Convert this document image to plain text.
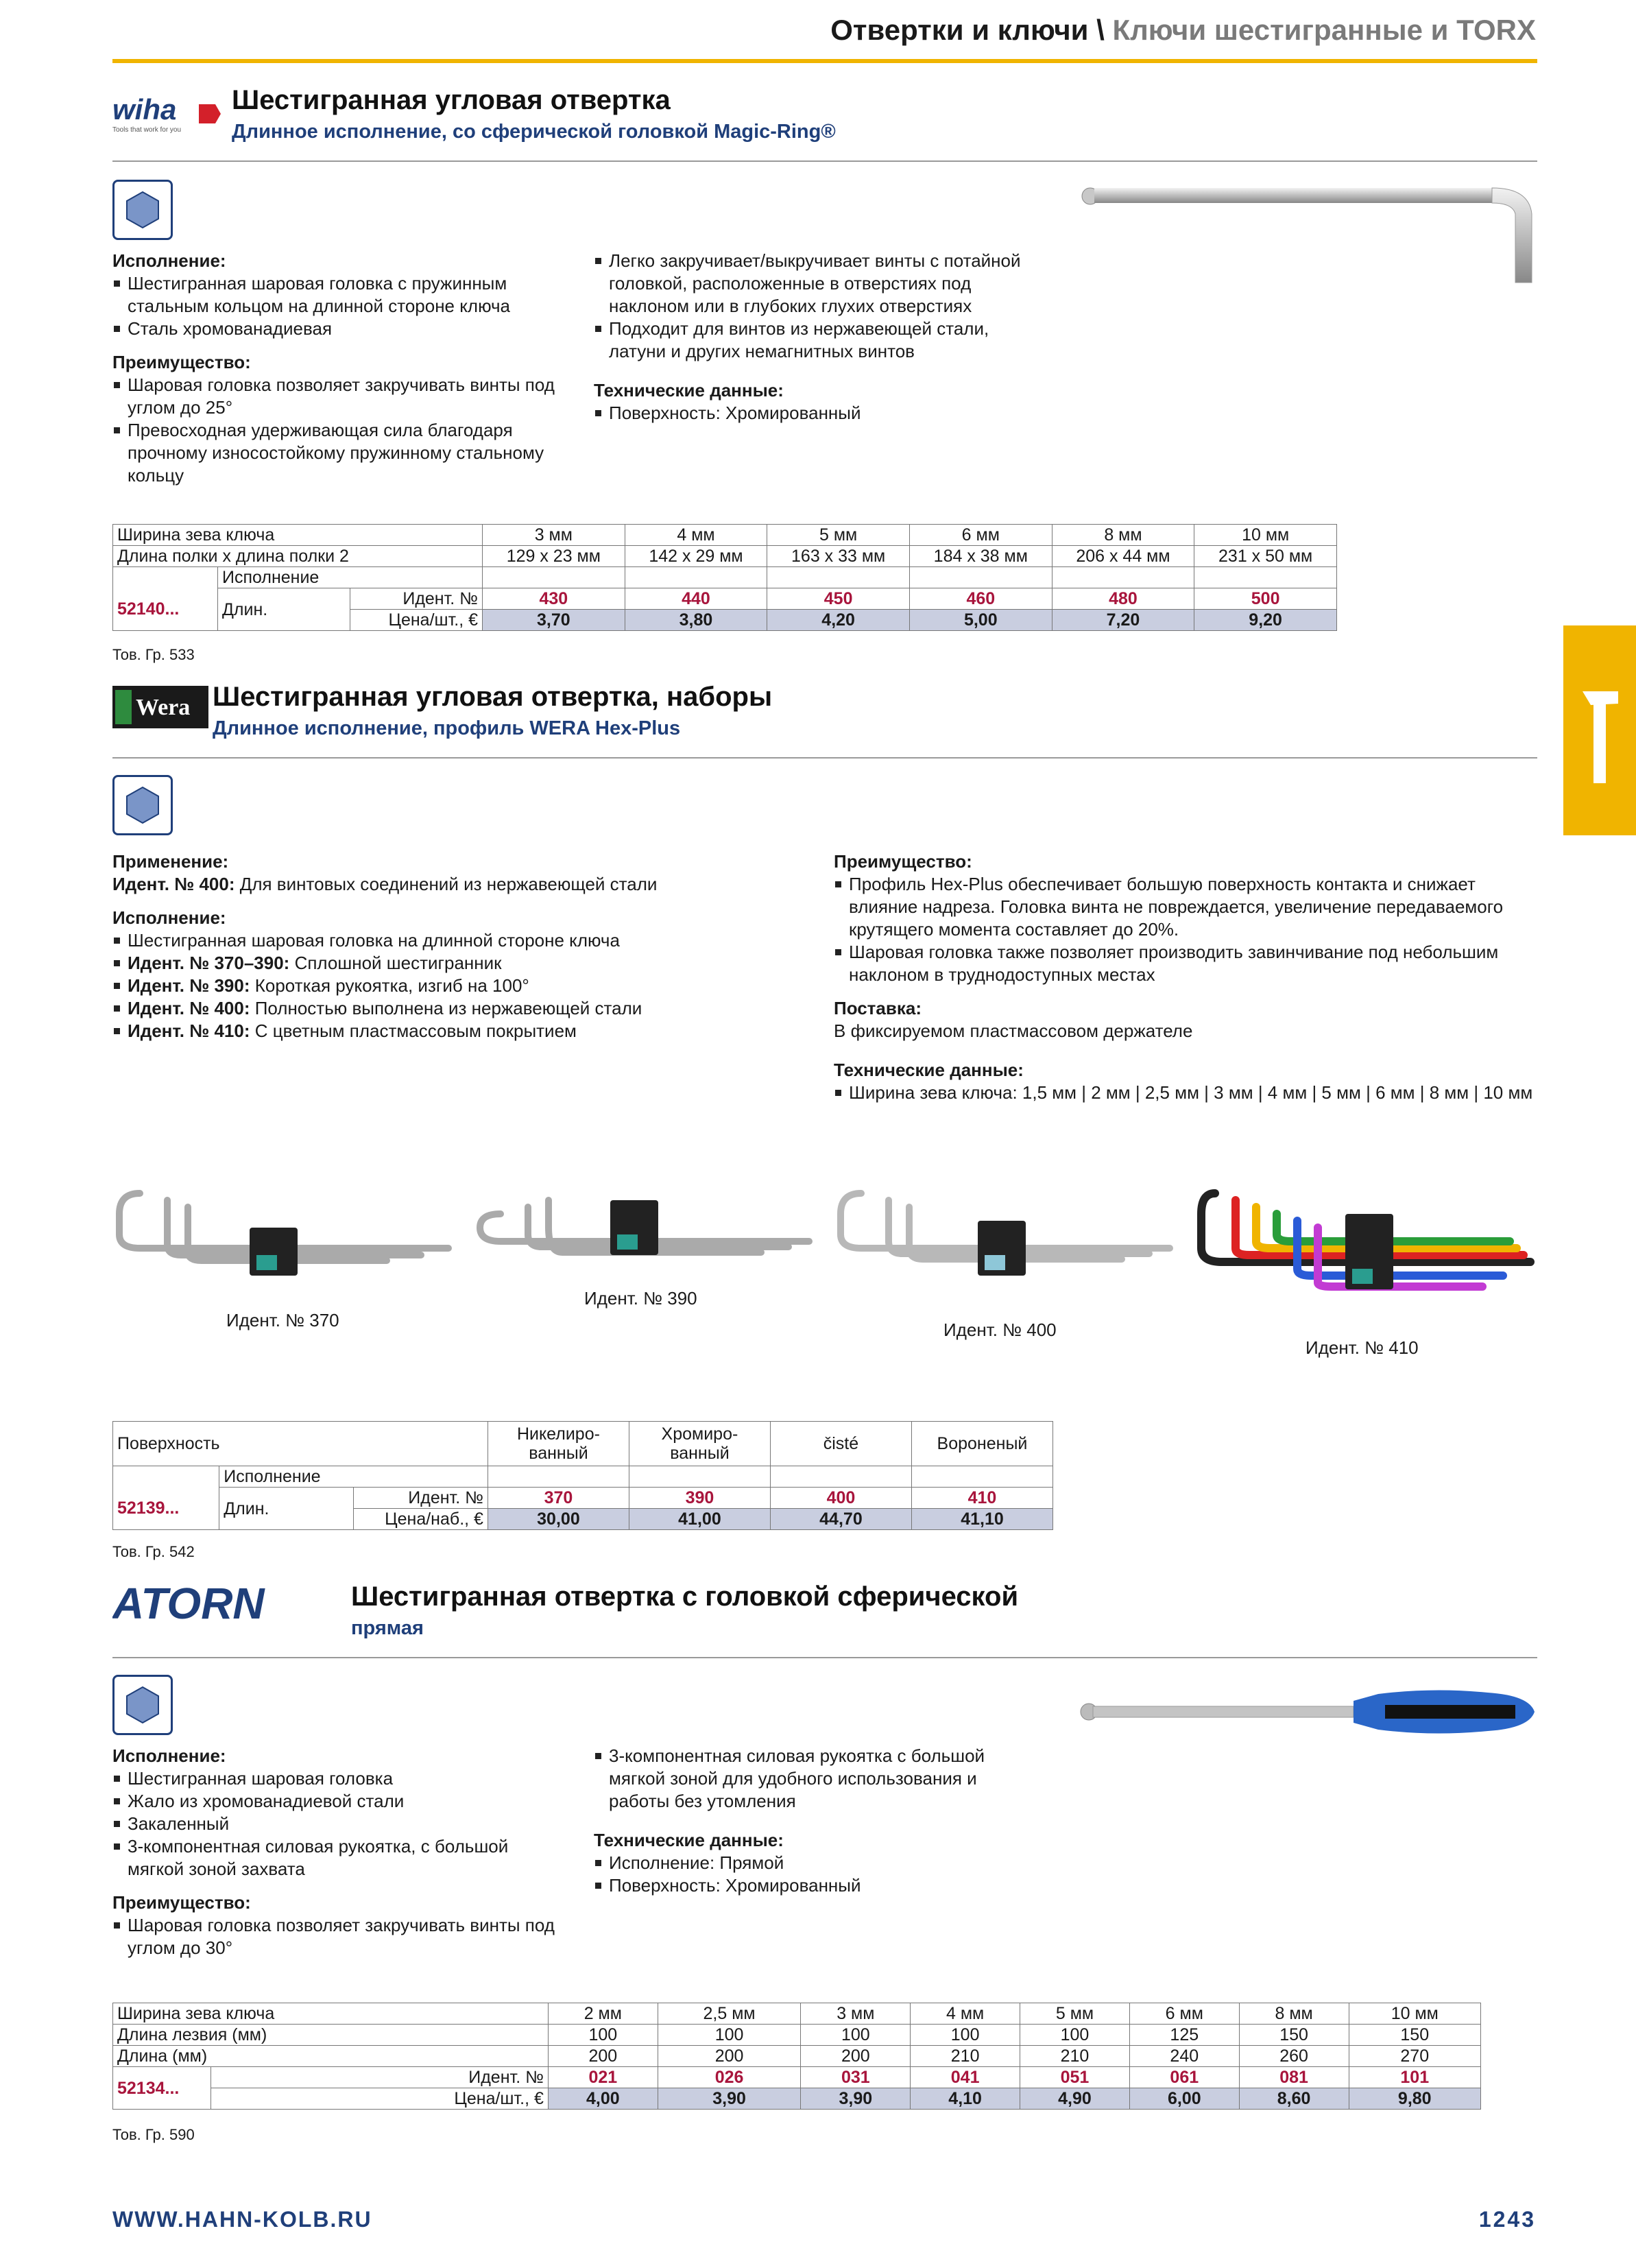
Отвертки и ключи \ Ключи шестигранные и TORX
wiha
Tools that work for you
Шестигранная угловая отвертка
Длинное исполнение, со сферической головкой Magic-Ring®
Исполнение:
Шестигранная шаровая головка с пружинным стальным кольцом на длинной стороне ключа
Сталь хромованадиевая
Преимущество:
Шаровая головка позволяет закручивать винты под углом до 25°
Превосходная удерживающая сила благодаря прочному износостойкому пружинному стальному кольцу
Легко закручивает/выкручивает винты с потайной головкой, расположенные в отверстиях под наклоном или в глубоких глухих отверстиях
Подходит для винтов из нержавеющей стали, латуни и других немагнитных винтов
Технические данные:
Поверхность: Хромированный
Ширина зева ключа			3 мм	4 мм	5 мм	6 мм	8 мм	10 мм
Длина полки х длина полки 2			129 x 23 мм	142 x 29 мм	163 x 33 мм	184 x 38 мм	206 x 44 мм	231 x 50 мм
	Исполнение							
52140...	Длин.	Идент. №	430	440	450	460	480	500
		Цена/шт., €	3,70	3,80	4,20	5,00	7,20	9,20
Тов. Гр. 533
Wera Шестигранная угловая отвертка, наборы
Длинное исполнение, профиль WERA Hex-Plus
Применение:
Идент. № 400: Для винтовых соединений из нержавеющей стали
Исполнение:
Шестигранная шаровая головка на длинной стороне ключа
Идент. № 370–390: Сплошной шестигранник
Идент. № 390: Короткая рукоятка, изгиб на 100°
Идент. № 400: Полностью выполнена из нержавеющей стали
Идент. № 410: С цветным пластмассовым покрытием
Преимущество:
Профиль Hex-Plus обеспечивает большую поверхность контакта и снижает влияние надреза. Головка винта не повреждается, увеличение передаваемого крутящего момента составляет до 20%.
Шаровая головка также позволяет производить завинчивание под небольшим наклоном в труднодоступных местах
Поставка:
В фиксируемом пластмассовом держателе
Технические данные:
Ширина зева ключа: 1,5 мм | 2 мм | 2,5 мм | 3 мм | 4 мм | 5 мм | 6 мм | 8 мм | 10 мм
Идент. № 370
Идент. № 390
Идент. № 400
Идент. № 410
Поверхность			Никелиро-ванный	Хромиро-ванный	čisté	Вороненый
	Исполнение					
52139...	Длин.	Идент. №	370	390	400	410
		Цена/наб., €	30,00	41,00	44,70	41,10
Тов. Гр. 542
ATORN	Шестигранная отвертка с головкой сферической
прямая
Исполнение:
Шестигранная шаровая головка
Жало из хромованадиевой стали
Закаленный
3-компонентная силовая рукоятка, с большой мягкой зоной захвата
Преимущество:
Шаровая головка позволяет закручивать винты под углом до 30°
3-компонентная силовая рукоятка с большой мягкой зоной для удобного использования и работы без утомления
Технические данные:
Исполнение: Прямой
Поверхность: Хромированный
Ширина зева ключа		2 мм	2,5 мм	3 мм	4 мм	5 мм	6 мм	8 мм	10 мм
Длина лезвия (мм)		100	100	100	100	100	125	150	150
Длина (мм)		200	200	200	210	210	240	260	270
52134...	Идент. №	021	026	031	041	051	061	081	101
	Цена/шт., €	4,00	3,90	3,90	4,10	4,90	6,00	8,60	9,80
Тов. Гр. 590
WWW.HAHN-KOLB.RU	1243
